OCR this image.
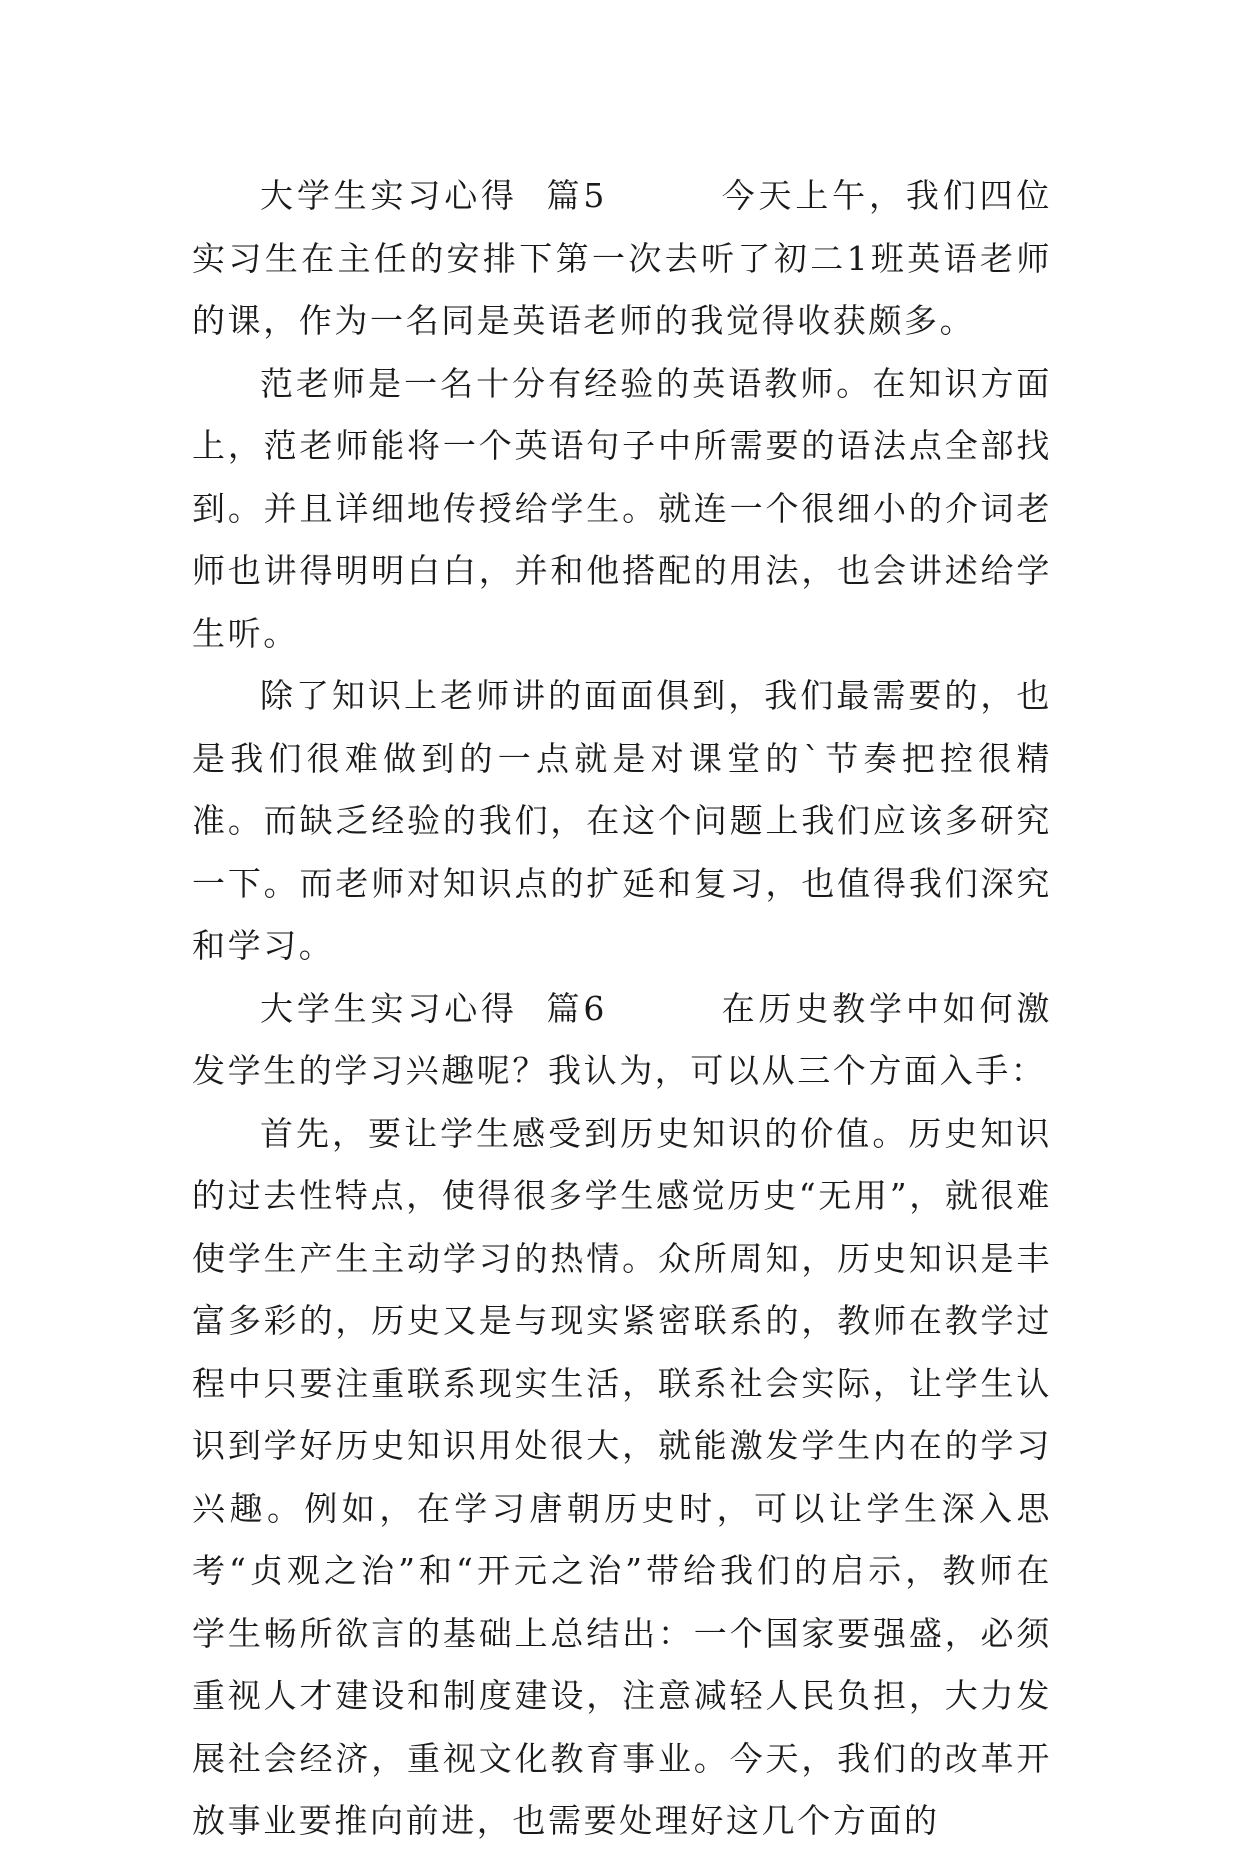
大学生实习心得  篇5        今天上午，我们四位实习生在主任的安排下第一次去听了初二1班英语老师的课，作为一名同是英语老师的我觉得收获颇多。

范老师是一名十分有经验的英语教师。在知识方面上，范老师能将一个英语句子中所需要的语法点全部找到。并且详细地传授给学生。就连一个很细小的介词老师也讲得明明白白，并和他搭配的用法，也会讲述给学生听。

除了知识上老师讲的面面俱到，我们最需要的，也是我们很难做到的一点就是对课堂的`节奏把控很精准。而缺乏经验的我们，在这个问题上我们应该多研究一下。而老师对知识点的扩延和复习，也值得我们深究和学习。

大学生实习心得  篇6        在历史教学中如何激发学生的学习兴趣呢？我认为，可以从三个方面入手：

首先，要让学生感受到历史知识的价值。历史知识的过去性特点，使得很多学生感觉历史“无用”，就很难使学生产生主动学习的热情。众所周知，历史知识是丰富多彩的，历史又是与现实紧密联系的，教师在教学过程中只要注重联系现实生活，联系社会实际，让学生认识到学好历史知识用处很大，就能激发学生内在的学习兴趣。例如，在学习唐朝历史时，可以让学生深入思考“贞观之治”和“开元之治”带给我们的启示，教师在学生畅所欲言的基础上总结出：一个国家要强盛，必须重视人才建设和制度建设，注意减轻人民负担，大力发展社会经济，重视文化教育事业。今天，我们的改革开放事业要推向前进，也需要处理好这几个方面的
